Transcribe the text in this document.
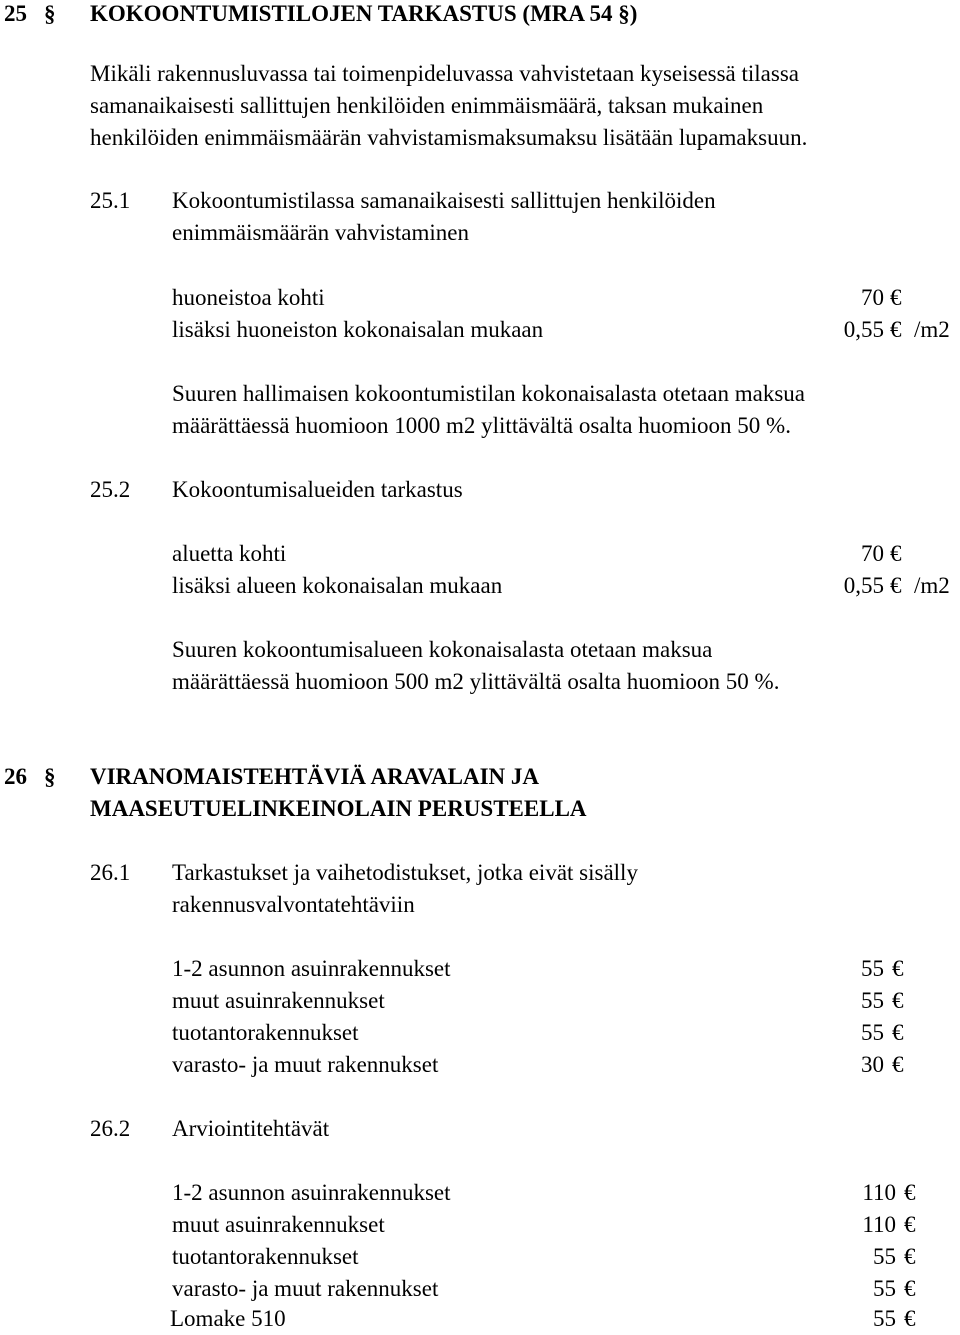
25 § KOKOONTUMISTILOJEN TARKASTUS (MRA 54 §)
Mikäli rakennusluvassa tai toimenpideluvassa vahvistetaan kyseisessä tilassa
samanaikaisesti sallittujen henkilöiden enimmäismäärä, taksan mukainen
henkilöiden enimmäismäärän vahvistamismaksumaksu lisätään lupamaksuun.
25.1 Kokoontumistilassa samanaikaisesti sallittujen henkilöiden
enimmäismäärän vahvistaminen
huoneistoa kohti	70 €
lisäksi huoneiston kokonaisalan mukaan	0,55 € /m2
Suuren hallimaisen kokoontumistilan kokonaisalasta otetaan maksua
määrättäessä huomioon 1000 m2 ylittävältä osalta huomioon 50 %.
25.2 Kokoontumisalueiden tarkastus
aluetta kohti	70 €
lisäksi alueen kokonaisalan mukaan	0,55 € /m2
Suuren kokoontumisalueen kokonaisalasta otetaan maksua
määrättäessä huomioon 500 m2 ylittävältä osalta huomioon 50 %.
26 § VIRANOMAISTEHTÄVIÄ ARAVALAIN JA
MAASEUTUELINKEINOLAIN PERUSTEELLA
26.1 Tarkastukset ja vaihetodistukset, jotka eivät sisälly
rakennusvalvontatehtäviin
1-2 asunnon asuinrakennukset	55 €
muut asuinrakennukset	55 €
tuotantorakennukset	55 €
varasto- ja muut rakennukset	30 €
26.2 Arviointitehtävät
1-2 asunnon asuinrakennukset	110 €
muut asuinrakennukset	110 €
tuotantorakennukset	55 €
varasto- ja muut rakennukset	55 €
Lomake 510	55 €
